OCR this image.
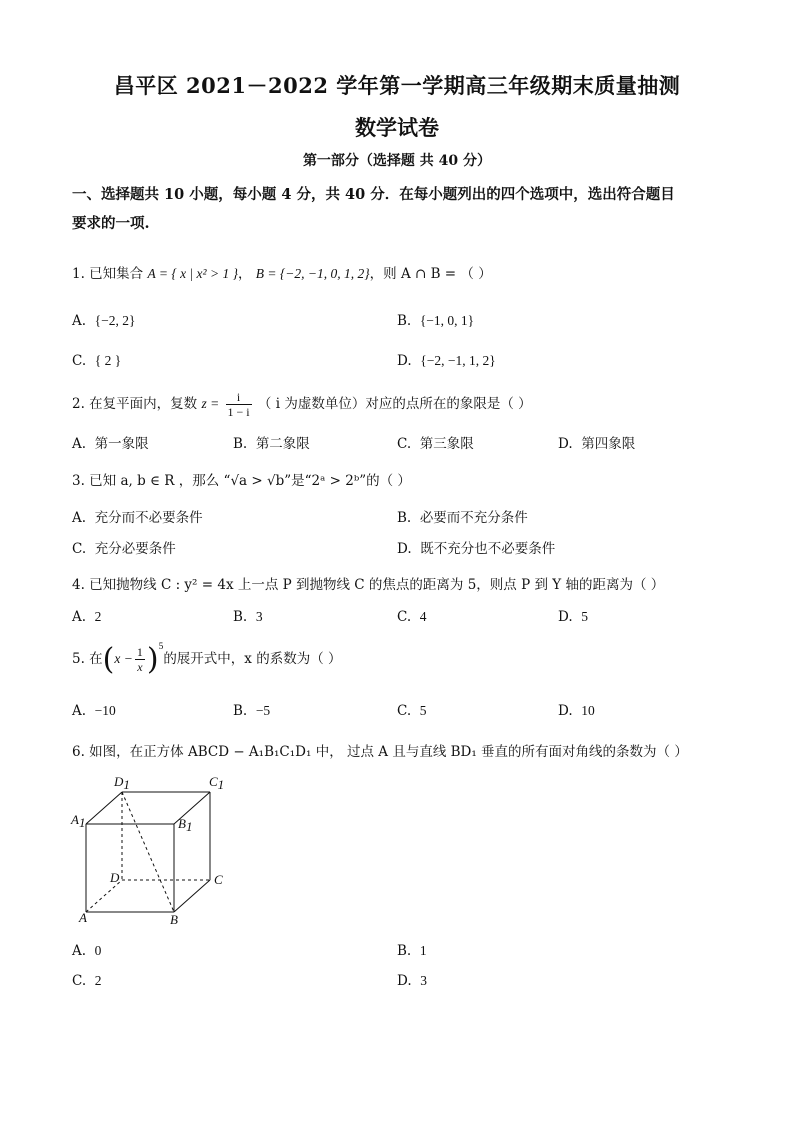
昌平区 2021－2022 学年第一学期高三年级期末质量抽测
数学试卷
第一部分（选择题 共 40 分）
一、选择题共 10 小题，每小题 4 分，共 40 分．在每小题列出的四个选项中，选出符合题目
要求的一项.
1. 已知集合 A = { x | x² > 1 }， B = {−2, −1, 0, 1, 2}，则 A ∩ B = （ ）
A. {−2, 2}	B. {−1, 0, 1}
C. { 2 }	D. {−2, −1, 1, 2}
2. 在复平面内，复数 $z = \frac{i}{1 - i}$ （ i 为虚数单位）对应的点所在的象限是（ ）
A. 第一象限	B. 第二象限	C. 第三象限	D. 第四象限
3. 已知 a, b ∈ R ，那么 “√a > √b”是“2ᵃ > 2ᵇ”的（ ）
A. 充分而不必要条件	B. 必要而不充分条件
C. 充分必要条件	D. 既不充分也不必要条件
4. 已知抛物线 C : y² = 4x 上一点 P 到抛物线 C 的焦点的距离为 5，则点 P 到 Y 轴的距离为（ ）
A. 2	B. 3	C. 4	D. 5
5. 在$(x - \frac{1}{x} )^5$的展开式中，x 的系数为（ ）
A. −10	B. −5	C. 5	D. 10
6. 如图，在正方体 ABCD − A₁B₁C₁D₁ 中， 过点 A 且与直线 BD₁ 垂直的所有面对角线的条数为（ ）
D1	C1
A1	B1
D	C
A	B
A. 0	B. 1
C. 2	D. 3
